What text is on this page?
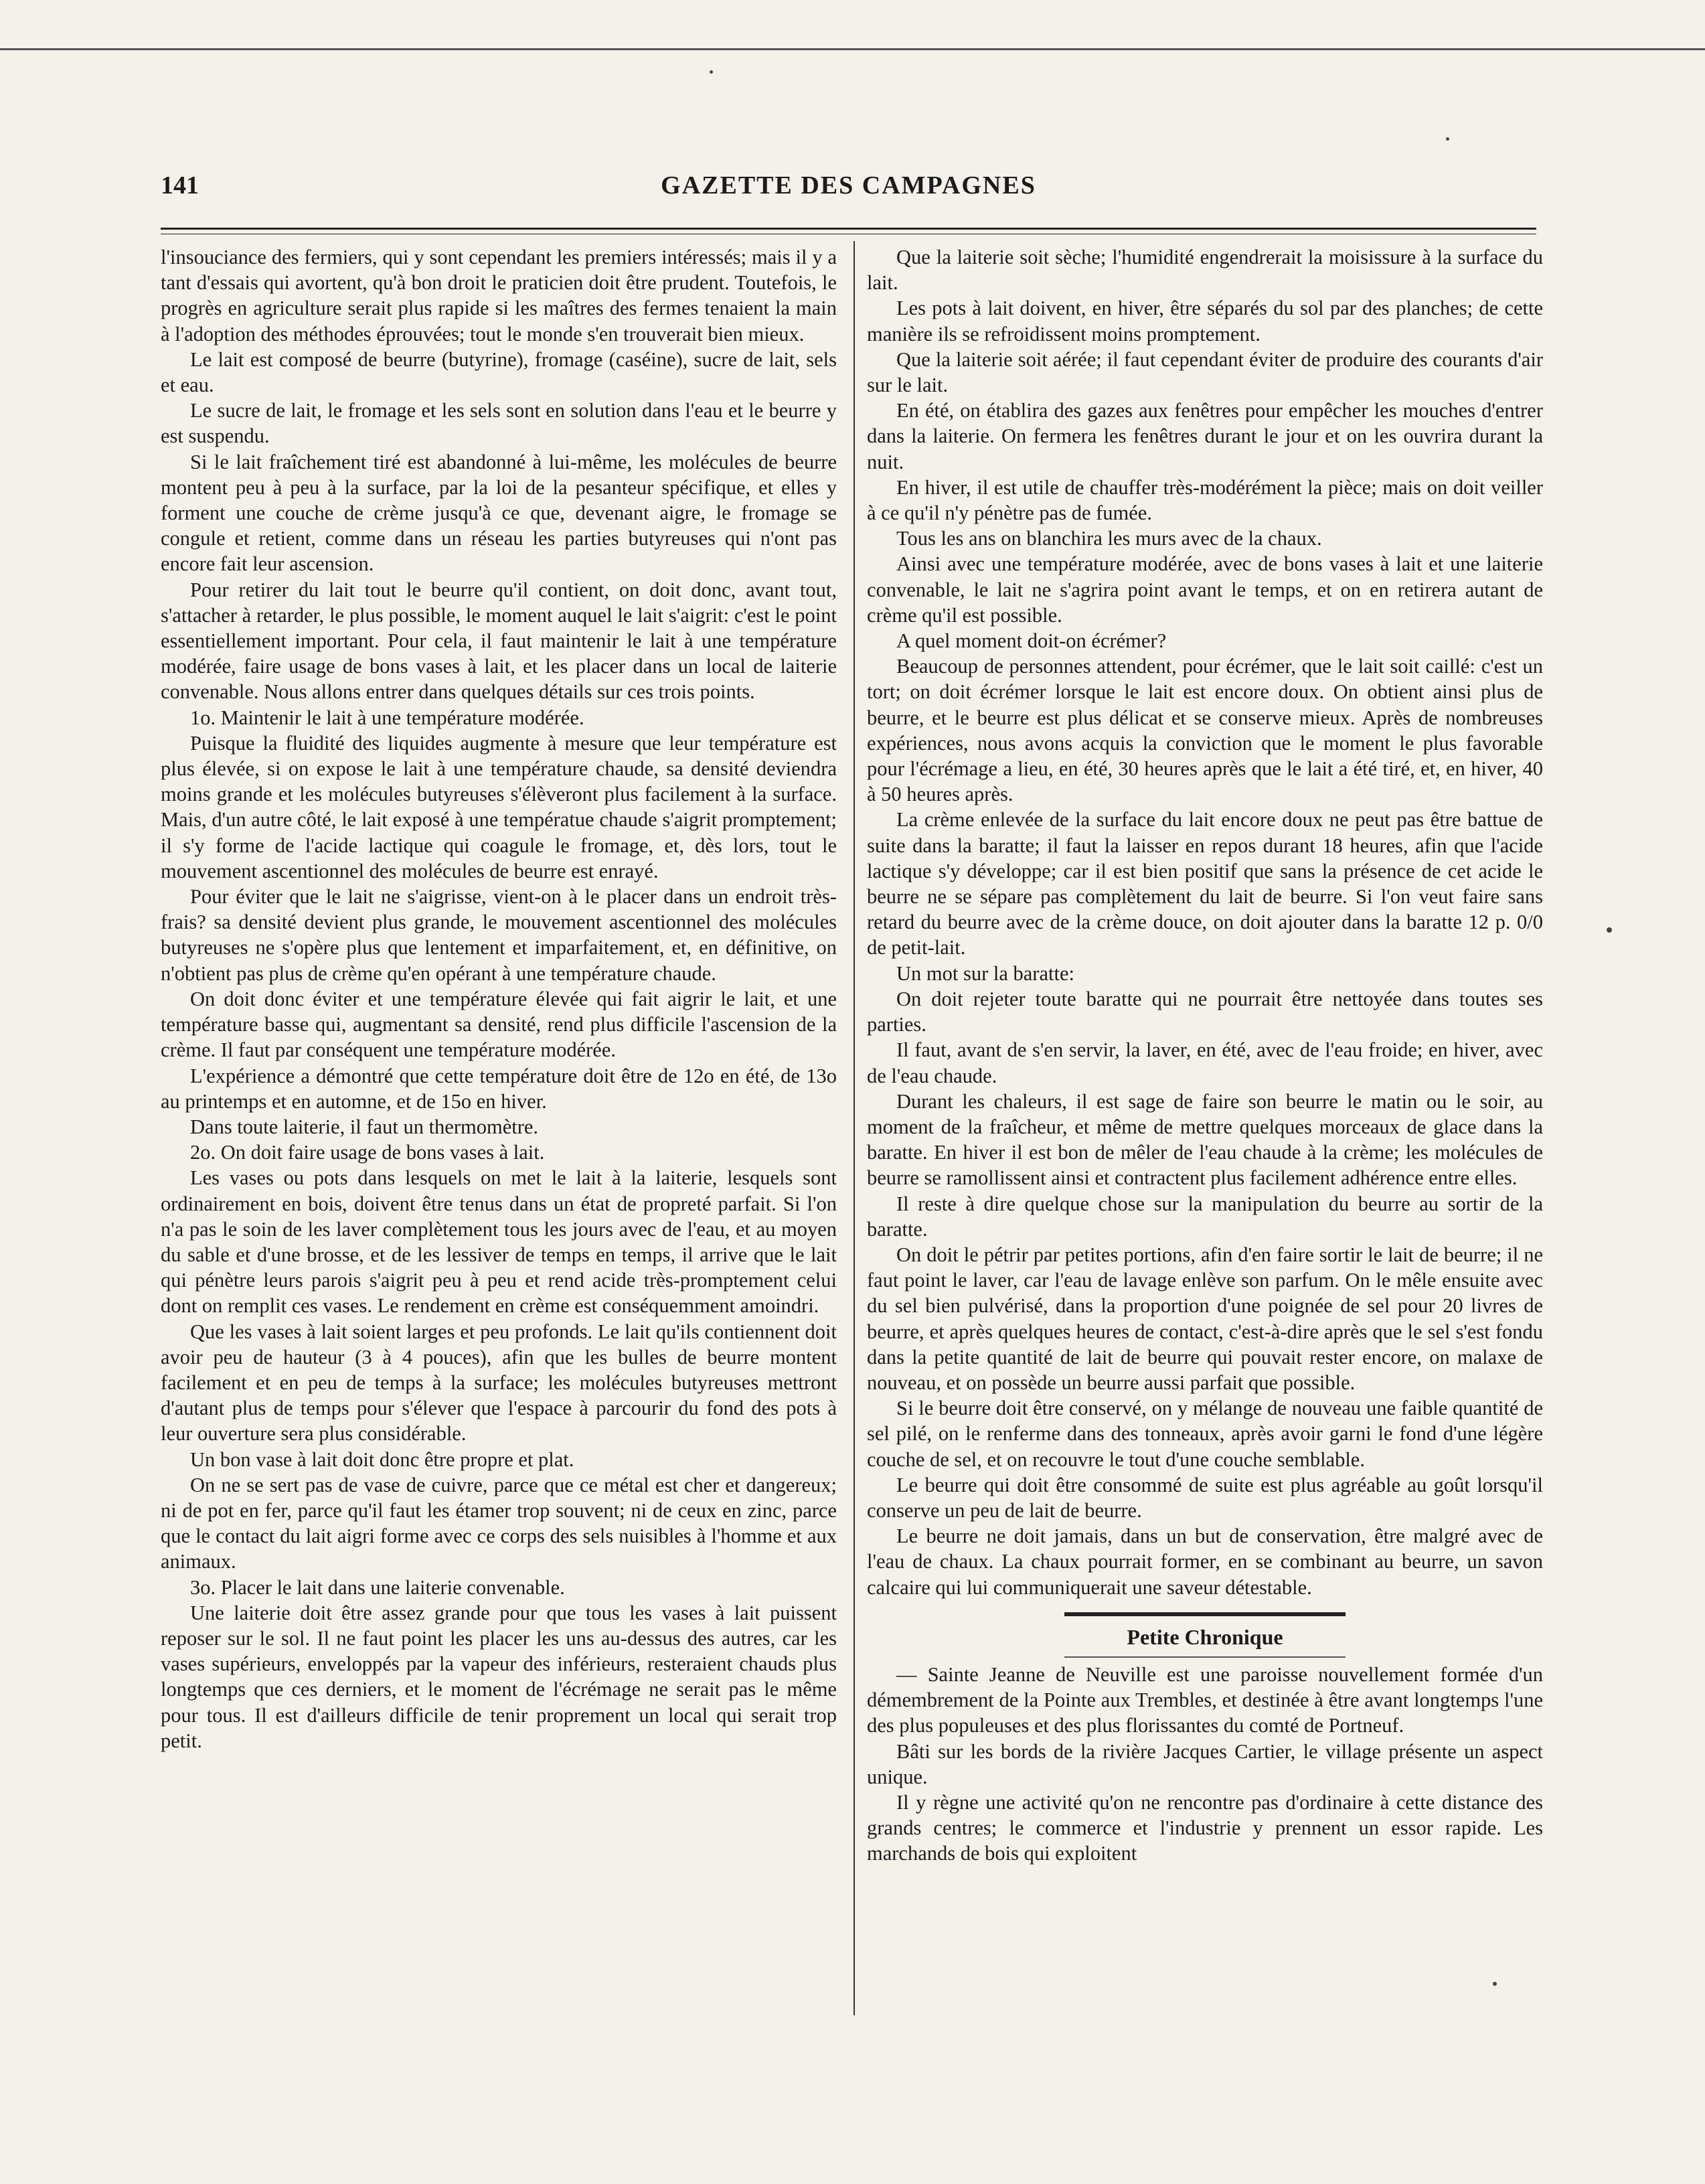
141	GAZETTE DES CAMPAGNES

l'insouciance des fermiers, qui y sont cependant les premiers intéressés; mais il y a tant d'essais qui avortent, qu'à bon droit le praticien doit être prudent. Toutefois, le progrès en agriculture serait plus rapide si les maîtres des fermes tenaient la main à l'adoption des méthodes éprouvées; tout le monde s'en trouverait bien mieux.

Le lait est composé de beurre (butyrine), fromage (caséine), sucre de lait, sels et eau.

Le sucre de lait, le fromage et les sels sont en solution dans l'eau et le beurre y est suspendu.

Si le lait fraîchement tiré est abandonné à lui-même, les molécules de beurre montent peu à peu à la surface, par la loi de la pesanteur spécifique, et elles y forment une couche de crème jusqu'à ce que, devenant aigre, le fromage se congule et retient, comme dans un réseau les parties butyreuses qui n'ont pas encore fait leur ascension.

Pour retirer du lait tout le beurre qu'il contient, on doit donc, avant tout, s'attacher à retarder, le plus possible, le moment auquel le lait s'aigrit: c'est le point essentiellement important. Pour cela, il faut maintenir le lait à une température modérée, faire usage de bons vases à lait, et les placer dans un local de laiterie convenable. Nous allons entrer dans quelques détails sur ces trois points.

1o. Maintenir le lait à une température modérée.

Puisque la fluidité des liquides augmente à mesure que leur température est plus élevée, si on expose le lait à une température chaude, sa densité deviendra moins grande et les molécules butyreuses s'élèveront plus facilement à la surface. Mais, d'un autre côté, le lait exposé à une températue chaude s'aigrit promptement; il s'y forme de l'acide lactique qui coagule le fromage, et, dès lors, tout le mouvement ascentionnel des molécules de beurre est enrayé.

Pour éviter que le lait ne s'aigrisse, vient-on à le placer dans un endroit très-frais? sa densité devient plus grande, le mouvement ascentionnel des molécules butyreuses ne s'opère plus que lentement et imparfaitement, et, en définitive, on n'obtient pas plus de crème qu'en opérant à une température chaude.

On doit donc éviter et une température élevée qui fait aigrir le lait, et une température basse qui, augmentant sa densité, rend plus difficile l'ascension de la crème. Il faut par conséquent une température modérée.

L'expérience a démontré que cette température doit être de 12o en été, de 13o au printemps et en automne, et de 15o en hiver.

Dans toute laiterie, il faut un thermomètre.

2o. On doit faire usage de bons vases à lait.

Les vases ou pots dans lesquels on met le lait à la laiterie, lesquels sont ordinairement en bois, doivent être tenus dans un état de propreté parfait. Si l'on n'a pas le soin de les laver complètement tous les jours avec de l'eau, et au moyen du sable et d'une brosse, et de les lessiver de temps en temps, il arrive que le lait qui pénètre leurs parois s'aigrit peu à peu et rend acide très-promptement celui dont on remplit ces vases. Le rendement en crème est conséquemment amoindri.

Que les vases à lait soient larges et peu profonds. Le lait qu'ils contiennent doit avoir peu de hauteur (3 à 4 pouces), afin que les bulles de beurre montent facilement et en peu de temps à la surface; les molécules butyreuses mettront d'autant plus de temps pour s'élever que l'espace à parcourir du fond des pots à leur ouverture sera plus considérable.

Un bon vase à lait doit donc être propre et plat.

On ne se sert pas de vase de cuivre, parce que ce métal est cher et dangereux; ni de pot en fer, parce qu'il faut les étamer trop souvent; ni de ceux en zinc, parce que le contact du lait aigri forme avec ce corps des sels nuisibles à l'homme et aux animaux.

3o. Placer le lait dans une laiterie convenable.

Une laiterie doit être assez grande pour que tous les vases à lait puissent reposer sur le sol. Il ne faut point les placer les uns au-dessus des autres, car les vases supérieurs, enveloppés par la vapeur des inférieurs, resteraient chauds plus longtemps que ces derniers, et le moment de l'écrémage ne serait pas le même pour tous. Il est d'ailleurs difficile de tenir proprement un local qui serait trop petit.

Que la laiterie soit sèche; l'humidité engendrerait la moisissure à la surface du lait.

Les pots à lait doivent, en hiver, être séparés du sol par des planches; de cette manière ils se refroidissent moins promptement.

Que la laiterie soit aérée; il faut cependant éviter de produire des courants d'air sur le lait.

En été, on établira des gazes aux fenêtres pour empêcher les mouches d'entrer dans la laiterie. On fermera les fenêtres durant le jour et on les ouvrira durant la nuit.

En hiver, il est utile de chauffer très-modérément la pièce; mais on doit veiller à ce qu'il n'y pénètre pas de fumée.

Tous les ans on blanchira les murs avec de la chaux.

Ainsi avec une température modérée, avec de bons vases à lait et une laiterie convenable, le lait ne s'agrira point avant le temps, et on en retirera autant de crème qu'il est possible.

A quel moment doit-on écrémer?

Beaucoup de personnes attendent, pour écrémer, que le lait soit caillé: c'est un tort; on doit écrémer lorsque le lait est encore doux. On obtient ainsi plus de beurre, et le beurre est plus délicat et se conserve mieux. Après de nombreuses expériences, nous avons acquis la conviction que le moment le plus favorable pour l'écrémage a lieu, en été, 30 heures après que le lait a été tiré, et, en hiver, 40 à 50 heures après.

La crème enlevée de la surface du lait encore doux ne peut pas être battue de suite dans la baratte; il faut la laisser en repos durant 18 heures, afin que l'acide lactique s'y développe; car il est bien positif que sans la présence de cet acide le beurre ne se sépare pas complètement du lait de beurre. Si l'on veut faire sans retard du beurre avec de la crème douce, on doit ajouter dans la baratte 12 p. 0/0 de petit-lait.

Un mot sur la baratte:

On doit rejeter toute baratte qui ne pourrait être nettoyée dans toutes ses parties.

Il faut, avant de s'en servir, la laver, en été, avec de l'eau froide; en hiver, avec de l'eau chaude.

Durant les chaleurs, il est sage de faire son beurre le matin ou le soir, au moment de la fraîcheur, et même de mettre quelques morceaux de glace dans la baratte. En hiver il est bon de mêler de l'eau chaude à la crème; les molécules de beurre se ramollissent ainsi et contractent plus facilement adhérence entre elles.

Il reste à dire quelque chose sur la manipulation du beurre au sortir de la baratte.

On doit le pétrir par petites portions, afin d'en faire sortir le lait de beurre; il ne faut point le laver, car l'eau de lavage enlève son parfum. On le mêle ensuite avec du sel bien pulvérisé, dans la proportion d'une poignée de sel pour 20 livres de beurre, et après quelques heures de contact, c'est-à-dire après que le sel s'est fondu dans la petite quantité de lait de beurre qui pouvait rester encore, on malaxe de nouveau, et on possède un beurre aussi parfait que possible.

Si le beurre doit être conservé, on y mélange de nouveau une faible quantité de sel pilé, on le renferme dans des tonneaux, après avoir garni le fond d'une légère couche de sel, et on recouvre le tout d'une couche semblable.

Le beurre qui doit être consommé de suite est plus agréable au goût lorsqu'il conserve un peu de lait de beurre.

Le beurre ne doit jamais, dans un but de conservation, être malgré avec de l'eau de chaux. La chaux pourrait former, en se combinant au beurre, un savon calcaire qui lui communiquerait une saveur détestable.

Petite Chronique

— Sainte Jeanne de Neuville est une paroisse nouvellement formée d'un démembrement de la Pointe aux Trembles, et destinée à être avant longtemps l'une des plus populeuses et des plus florissantes du comté de Portneuf.

Bâti sur les bords de la rivière Jacques Cartier, le village présente un aspect unique.

Il y règne une activité qu'on ne rencontre pas d'ordinaire à cette distance des grands centres; le commerce et l'industrie y prennent un essor rapide. Les marchands de bois qui exploitent
